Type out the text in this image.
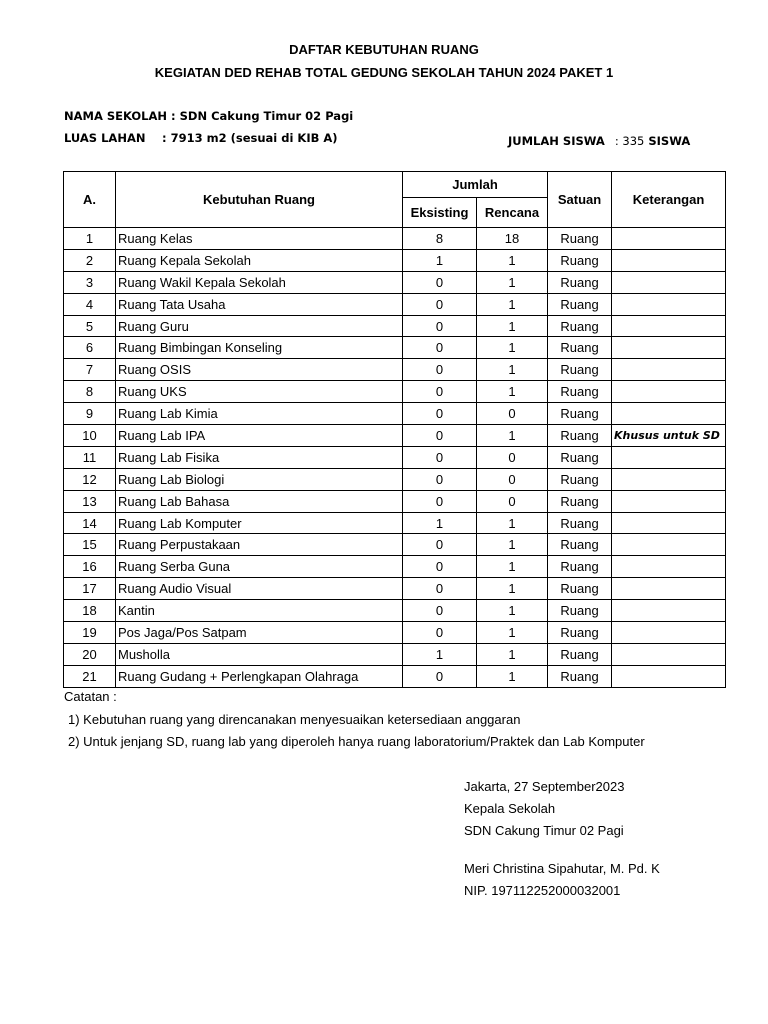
DAFTAR KEBUTUHAN RUANG
KEGIATAN DED REHAB TOTAL GEDUNG SEKOLAH TAHUN 2024 PAKET 1
NAMA SEKOLAH : SDN Cakung Timur 02 Pagi
LUAS LAHAN : 7913 m2 (sesuai di KIB A)	JUMLAH SISWA : 335 SISWA
A.	Kebutuhan Ruang	Jumlah		Satuan	Keterangan
		Eksisting	Rencana		
1	Ruang Kelas	8	18	Ruang	
2	Ruang Kepala Sekolah	1	1	Ruang	
3	Ruang Wakil Kepala Sekolah	0	1	Ruang	
4	Ruang Tata Usaha	0	1	Ruang	
5	Ruang Guru	0	1	Ruang	
6	Ruang Bimbingan Konseling	0	1	Ruang	
7	Ruang OSIS	0	1	Ruang	
8	Ruang UKS	0	1	Ruang	
9	Ruang Lab Kimia	0	0	Ruang	
10	Ruang Lab IPA	0	1	Ruang	Khusus untuk SD
11	Ruang Lab Fisika	0	0	Ruang	
12	Ruang Lab Biologi	0	0	Ruang	
13	Ruang Lab Bahasa	0	0	Ruang	
14	Ruang Lab Komputer	1	1	Ruang	
15	Ruang Perpustakaan	0	1	Ruang	
16	Ruang Serba Guna	0	1	Ruang	
17	Ruang Audio Visual	0	1	Ruang	
18	Kantin	0	1	Ruang	
19	Pos Jaga/Pos Satpam	0	1	Ruang	
20	Musholla	1	1	Ruang	
21	Ruang Gudang + Perlengkapan Olahraga	0	1	Ruang	
Catatan :
1) Kebutuhan ruang yang direncanakan menyesuaikan ketersediaan anggaran
2) Untuk jenjang SD, ruang lab yang diperoleh hanya ruang laboratorium/Praktek dan Lab Komputer
Jakarta, 27 September2023
Kepala Sekolah
SDN Cakung Timur 02 Pagi
Meri Christina Sipahutar, M. Pd. K
NIP. 197112252000032001
